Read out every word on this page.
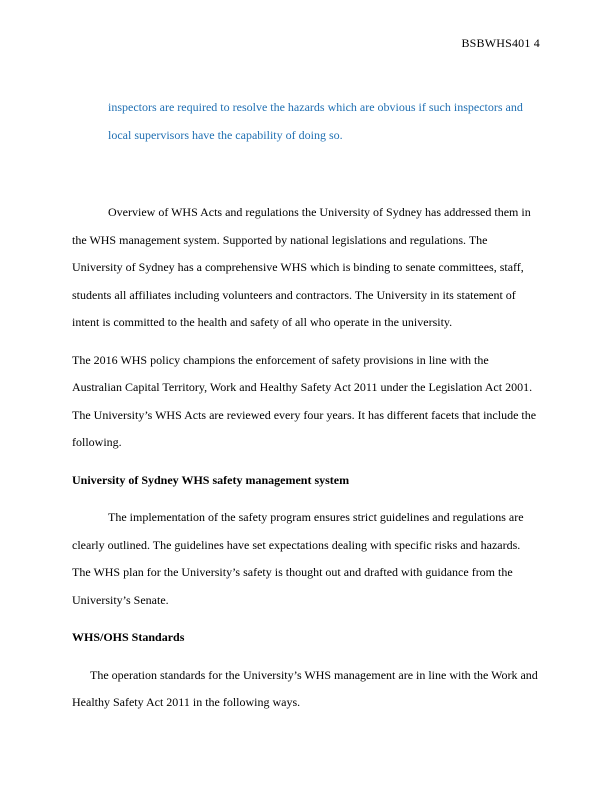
BSBWHS401 4
inspectors are required to resolve the hazards which are obvious if such inspectors and
local supervisors have the capability of doing so.

Overview of WHS Acts and regulations the University of Sydney has addressed them in

the WHS management system. Supported by national legislations and regulations. The

University of Sydney has a comprehensive WHS which is binding to senate committees, staff,

students all affiliates including volunteers and contractors. The University in its statement of

intent is committed to the health and safety of all who operate in the university.

The 2016 WHS policy champions the enforcement of safety provisions in line with the

Australian Capital Territory, Work and Healthy Safety Act 2011 under the Legislation Act 2001.

The University’s WHS Acts are reviewed every four years. It has different facets that include the

following.

University of Sydney WHS safety management system

The implementation of the safety program ensures strict guidelines and regulations are

clearly outlined. The guidelines have set expectations dealing with specific risks and hazards.

The WHS plan for the University’s safety is thought out and drafted with guidance from the

University’s Senate.

WHS/OHS Standards

The operation standards for the University’s WHS management are in line with the Work and

Healthy Safety Act 2011 in the following ways.
